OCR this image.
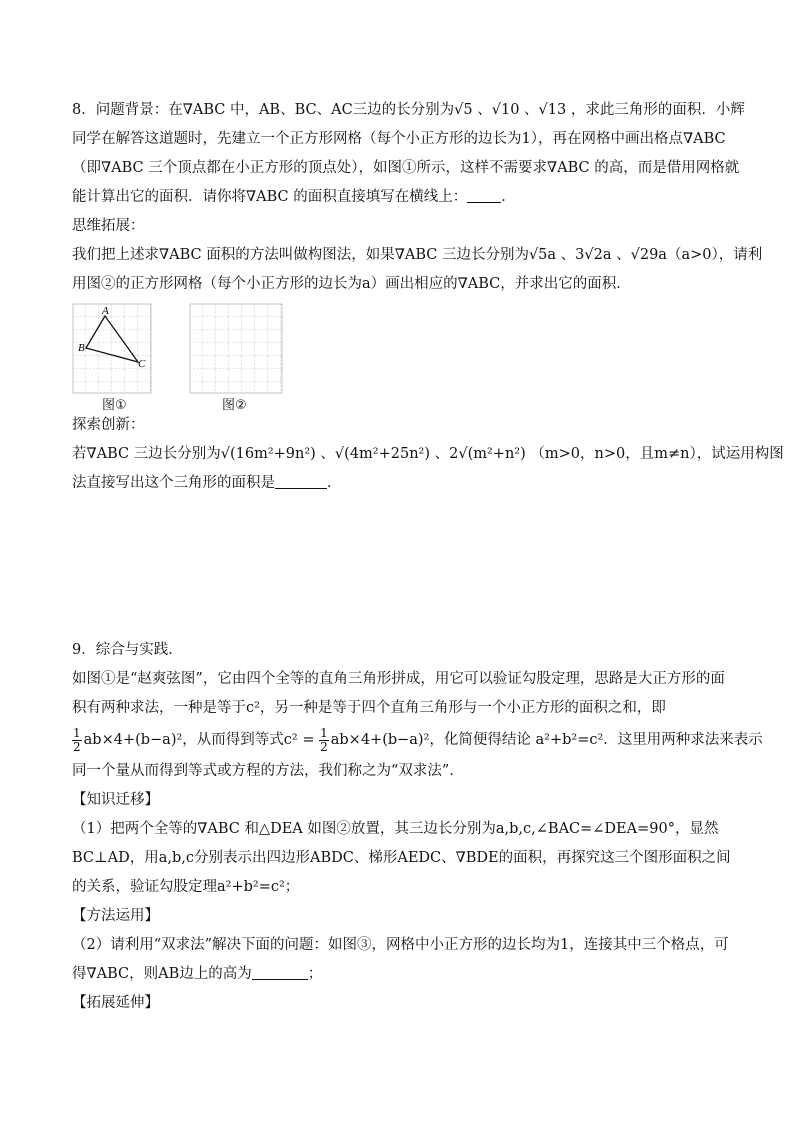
8．问题背景：在∇ABC 中，AB、BC、AC三边的长分别为√5 、√10 、√13 ，求此三角形的面积．小辉
同学在解答这道题时，先建立一个正方形网格（每个小正方形的边长为1），再在网格中画出格点∇ABC
（即∇ABC 三个顶点都在小正方形的顶点处），如图①所示，这样不需要求∇ABC 的高，而是借用网格就
能计算出它的面积．请你将∇ABC 的面积直接填写在横线上： ．
思维拓展：
我们把上述求∇ABC 面积的方法叫做构图法，如果∇ABC 三边长分别为√5a 、3√2a 、√29a（a>0），请利
用图②的正方形网格（每个小正方形的边长为a）画出相应的∇ABC，并求出它的面积．
A
B
C
图①	图②
探索创新：
若∇ABC 三边长分别为√(16m²+9n²) 、√(4m²+25n²) 、2√(m²+n²) （m>0，n>0，且m≠n），试运用构图
法直接写出这个三角形的面积是	．
9．综合与实践．
如图①是“赵爽弦图”，它由四个全等的直角三角形拼成，用它可以验证勾股定理，思路是大正方形的面
积有两种求法，一种是等于c²，另一种是等于四个直角三角形与一个小正方形的面积之和，即
$\frac{1}{2} ab\times 4+(b-a)^2$，从而得到等式$c^2 = \frac{1}{2} ab\times 4+(b-a)^2$，化简便得结论 a²+b²=c²．这里用两种求法来表示
同一个量从而得到等式或方程的方法，我们称之为“双求法”．
【知识迁移】
（1）把两个全等的∇ABC 和△DEA 如图②放置，其三边长分别为a,b,c,∠BAC=∠DEA=90°，显然
BC⊥AD，用a,b,c分别表示出四边形ABDC、梯形AEDC、∇BDE的面积，再探究这三个图形面积之间
的关系，验证勾股定理a²+b²=c²；
【方法运用】
（2）请利用“双求法”解决下面的问题：如图③，网格中小正方形的边长均为1，连接其中三个格点，可
得∇ABC，则AB边上的高为	；
【拓展延伸】
